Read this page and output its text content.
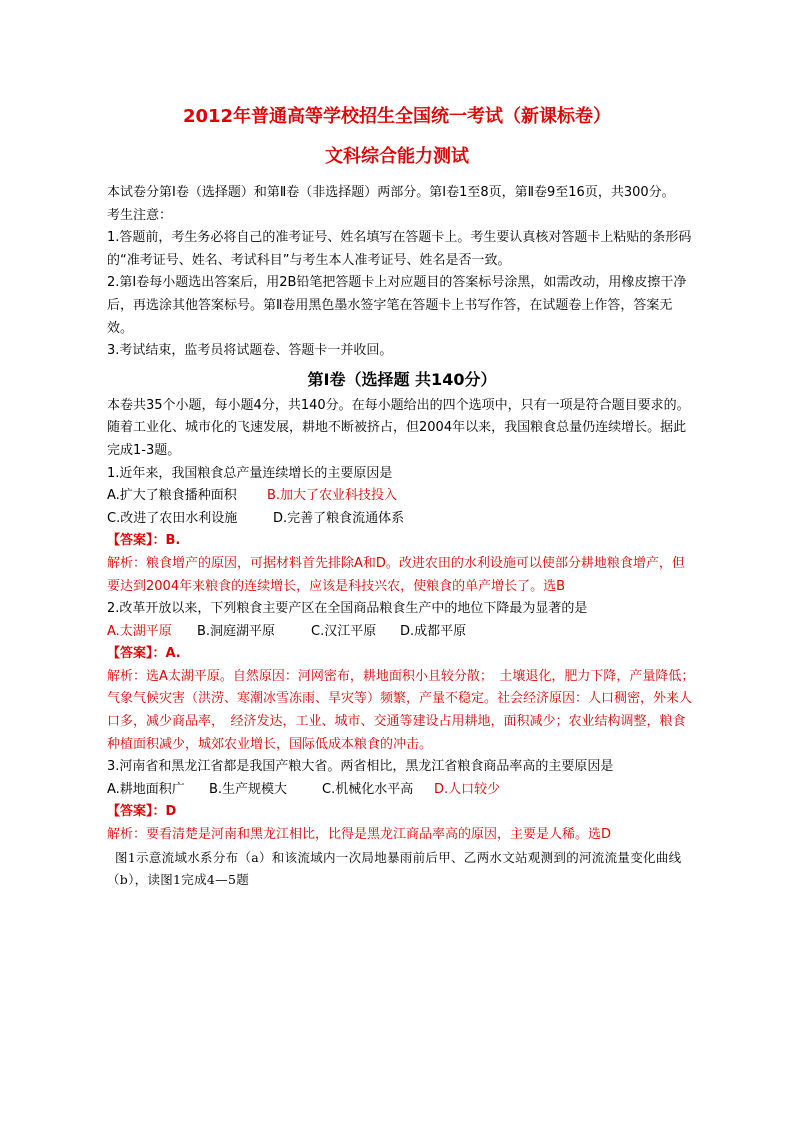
2012年普通高等学校招生全国统一考试（新课标卷）
文科综合能力测试

本试卷分第Ⅰ卷（选择题）和第Ⅱ卷（非选择题）两部分。第Ⅰ卷1至8页，第Ⅱ卷9至16页，共300分。

考生注意：

1.答题前，考生务必将自己的准考证号、姓名填写在答题卡上。考生要认真核对答题卡上粘贴的条形码的“准考证号、姓名、考试科目”与考生本人准考证号、姓名是否一致。

2.第Ⅰ卷每小题选出答案后，用2B铅笔把答题卡上对应题目的答案标号涂黑，如需改动，用橡皮擦干净后，再选涂其他答案标号。第Ⅱ卷用黑色墨水签字笔在答题卡上书写作答，在试题卷上作答，答案无效。

3.考试结束，监考员将试题卷、答题卡一并收回。

第Ⅰ卷（选择题 共140分）

本卷共35个小题，每小题4分，共140分。在每小题给出的四个选项中，只有一项是符合题目要求的。

随着工业化、城市化的飞速发展，耕地不断被挤占，但2004年以来，我国粮食总量仍连续增长。据此完成1-3题。

1.近年来，我国粮食总产量连续增长的主要原因是

A.扩大了粮食播种面积	B.加大了农业科技投入
C.改进了农田水利设施	D.完善了粮食流通体系

【答案】：B.

解析：粮食增产的原因，可据材料首先排除A和D。改进农田的水利设施可以使部分耕地粮食增产，但要达到2004年来粮食的连续增长，应该是科技兴农，使粮食的单产增长了。选B

2.改革开放以来，下列粮食主要产区在全国商品粮食生产中的地位下降最为显著的是

A.太湖平原	B.洞庭湖平原	C.汉江平原	D.成都平原

【答案】：A.

解析：选A太湖平原。自然原因：河网密布，耕地面积小且较分散；　土壤退化，肥力下降，产量降低；气象气候灾害（洪涝、寒潮冰雪冻雨、旱灾等）频繁，产量不稳定。社会经济原因：人口稠密，外来人口多，减少商品率，　经济发达，工业、城市、交通等建设占用耕地，面积减少；农业结构调整，粮食种植面积减少，城郊农业增长，国际低成本粮食的冲击。

3.河南省和黑龙江省都是我国产粮大省。两省相比，黑龙江省粮食商品率高的主要原因是

A.耕地面积广	B.生产规模大	C.机械化水平高	D.人口较少

【答案】：D

解析：要看清楚是河南和黑龙江相比，比得是黑龙江商品率高的原因，主要是人稀。选D

图1示意流域水系分布（a）和该流域内一次局地暴雨前后甲、乙两水文站观测到的河流流量变化曲线（b），读图1完成4—5题
